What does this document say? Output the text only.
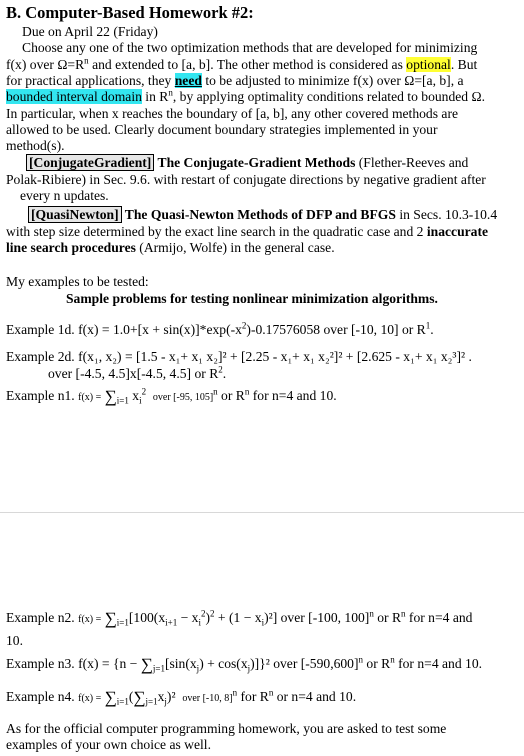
B. Computer-Based Homework #2:
Due on April 22 (Friday)
Choose any one of the two optimization methods that are developed for minimizing
f(x) over $\Omega=R^n$ and extended to [a, b]. The other method is considered as optional. But
for practical applications, they need to be adjusted to minimize f(x) over Ω=[a, b], a
bounded interval domain in $R^n$, by applying optimality conditions related to bounded Ω.
In particular, when x reaches the boundary of [a, b], any other covered methods are
allowed to be used. Clearly document boundary strategies implemented in your
method(s).
[ConjugateGradient] The Conjugate-Gradient Methods (Flether-Reeves and
Polak-Ribiere) in Sec. 9.6. with restart of conjugate directions by negative gradient after
every n updates.
[QuasiNewton] The Quasi-Newton Methods of DFP and BFGS in Secs. 10.3-10.4
with step size determined by the exact line search in the quadratic case and 2 inaccurate
line search procedures (Armijo, Wolfe) in the general case.
My examples to be tested:
Sample problems for testing nonlinear minimization algorithms.
Example 1d. $f(x) = 1.0+[x + \sin(x)]*\exp(-x^2)-0.17576058$ over [-10, 10] or $R^1$.
Example 2d. f(x₁, x₂) = [1.5 - x₁+ x₁ x₂]² + [2.25 - x₁+ x₁ x₂²]² + [2.625 - x₁+ x₁ x₂³]² .
over [-4.5, 4.5]x[-4.5, 4.5] or $R^2$.
Example n1. $f(x) = \sum_{i=1}$ $x_i^2$  over [-95, 105]$^n$ or $R^n$ for n=4 and 10.
Example n2. $f(x) = \sum_{i=1}[100(x_{i+1} - x_i^2)^2 + (1 - x_i)^2]$ over [-100, 100]$^n$ or $R^n$ for n=4 and
10.
Example n3. $f(x) = \{n - \sum_{j=1}[\sin(x_j) + \cos(x_j)]\}^2$ over $[-590,600]^n$ or $R^n$ for n=4 and 10.
Example n4. $f(x) = \sum_{i=1}(\sum_{j=1}x_j)^2$ over [-10, 8]$^n$ for $R^n$ or n=4 and 10.
As for the official computer programming homework, you are asked to test some
examples of your own choice as well.
